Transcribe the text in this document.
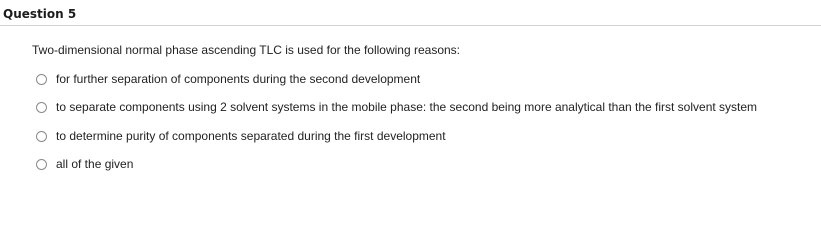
Question 5
Two-dimensional normal phase ascending TLC is used for the following reasons:
for further separation of components during the second development
to separate components using 2 solvent systems in the mobile phase: the second being more analytical than the first solvent system
to determine purity of components separated during the first development
all of the given
